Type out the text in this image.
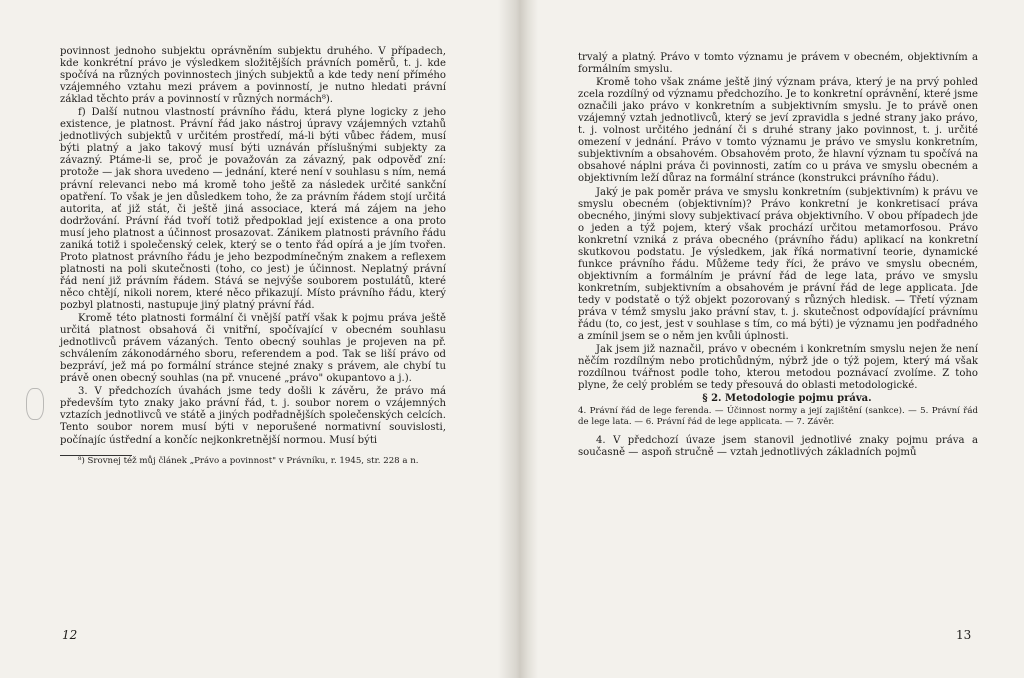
povinnost jednoho subjektu oprávněním subjektu druhého. V případech, kde konkrétní právo je výsledkem složitějších právních poměrů, t. j. kde spočívá na různých povinnostech jiných subjektů a kde tedy není přímého vzájemného vztahu mezi právem a povinností, je nutno hledati právní základ těchto práv a povinností v různých normách⁸).

f) Další nutnou vlastností právního řádu, která plyne logicky z jeho existence, je platnost. Právní řád jako nástroj úpravy vzájemných vztahů jednotlivých subjektů v určitém prostředí, má-li býti vůbec řádem, musí býti platný a jako takový musí býti uznáván příslušnými subjekty za závazný. Ptáme-li se, proč je považován za závazný, pak odpověď zní: protože — jak shora uvedeno — jednání, které není v souhlasu s ním, nemá právní relevanci nebo má kromě toho ještě za následek určité sankční opatření. To však je jen důsledkem toho, že za právním řádem stojí určitá autorita, ať již stát, či ještě jiná associace, která má zájem na jeho dodržování. Právní řád tvoří totiž předpoklad její existence a ona proto musí jeho platnost a účinnost prosazovat. Zánikem platnosti právního řádu zaniká totiž i společenský celek, který se o tento řád opírá a je jím tvořen. Proto platnost právního řádu je jeho bezpodmínečným znakem a reflexem platnosti na poli skutečnosti (toho, co jest) je účinnost. Neplatný právní řád není již právním řádem. Stává se nejvýše souborem postulátů, které něco chtějí, nikoli norem, které něco přikazují. Místo právního řádu, který pozbyl platnosti, nastupuje jiný platný právní řád.

Kromě této platnosti formální či vnější patří však k pojmu práva ještě určitá platnost obsahová či vnitřní, spočívající v obecném souhlasu jednotlivců právem vázaných. Tento obecný souhlas je projeven na př. schválením zákonodárného sboru, referendem a pod. Tak se liší právo od bezpráví, jež má po formální stránce stejné znaky s právem, ale chybí tu právě onen obecný souhlas (na př. vnucené „právo" okupantovo a j.).

3. V předchozích úvahách jsme tedy došli k závěru, že právo má především tyto znaky jako právní řád, t. j. soubor norem o vzájemných vztazích jednotlivců ve státě a jiných podřadnějších společenských celcích. Tento soubor norem musí býti v neporušené normativní souvislosti, počínajíc ústřední a končíc nejkonkretnější normou. Musí býti

⁸) Srovnej též můj článek „Právo a povinnost" v Právníku, r. 1945, str. 228 a n.

12

trvalý a platný. Právo v tomto významu je právem v obecném, objektivním a formálním smyslu.

Kromě toho však známe ještě jiný význam práva, který je na prvý pohled zcela rozdílný od významu předchozího. Je to konkretní oprávnění, které jsme označili jako právo v konkretním a subjektivním smyslu. Je to právě onen vzájemný vztah jednotlivců, který se jeví zpravidla s jedné strany jako právo, t. j. volnost určitého jednání či s druhé strany jako povinnost, t. j. určité omezení v jednání. Právo v tomto významu je právo ve smyslu konkretním, subjektivním a obsahovém. Obsahovém proto, že hlavní význam tu spočívá na obsahové náplni práva či povinnosti, zatím co u práva ve smyslu obecném a objektivním leží důraz na formální stránce (konstrukci právního řádu).

Jaký je pak poměr práva ve smyslu konkretním (subjektivním) k právu ve smyslu obecném (objektivním)? Právo konkretní je konkretisací práva obecného, jinými slovy subjektivací práva objektivního. V obou případech jde o jeden a týž pojem, který však prochází určitou metamorfosou. Právo konkretní vzniká z práva obecného (právního řádu) aplikací na konkretní skutkovou podstatu. Je výsledkem, jak říká normativní teorie, dynamické funkce právního řádu. Můžeme tedy říci, že právo ve smyslu obecném, objektivním a formálním je právní řád de lege lata, právo ve smyslu konkretním, subjektivním a obsahovém je právní řád de lege applicata. Jde tedy v podstatě o týž objekt pozorovaný s různých hledisk. — Třetí význam práva v témž smyslu jako právní stav, t. j. skutečnost odpovídající právnímu řádu (to, co jest, jest v souhlase s tím, co má býti) je významu jen podřadného a zmínil jsem se o něm jen kvůli úplnosti.

Jak jsem již naznačil, právo v obecném i konkretním smyslu nejen že není něčím rozdílným nebo protichůdným, nýbrž jde o týž pojem, který má však rozdílnou tvářnost podle toho, kterou metodou poznávací zvolíme. Z toho plyne, že celý problém se tedy přesouvá do oblasti metodologické.

§ 2. Metodologie pojmu práva.

4. Právní řád de lege ferenda. — Účinnost normy a její zajištění (sankce). — 5. Právní řád de lege lata. — 6. Právní řád de lege applicata. — 7. Závěr.

4. V předchozí úvaze jsem stanovil jednotlivé znaky pojmu práva a současně — aspoň stručně — vztah jednotlivých základních pojmů

13
